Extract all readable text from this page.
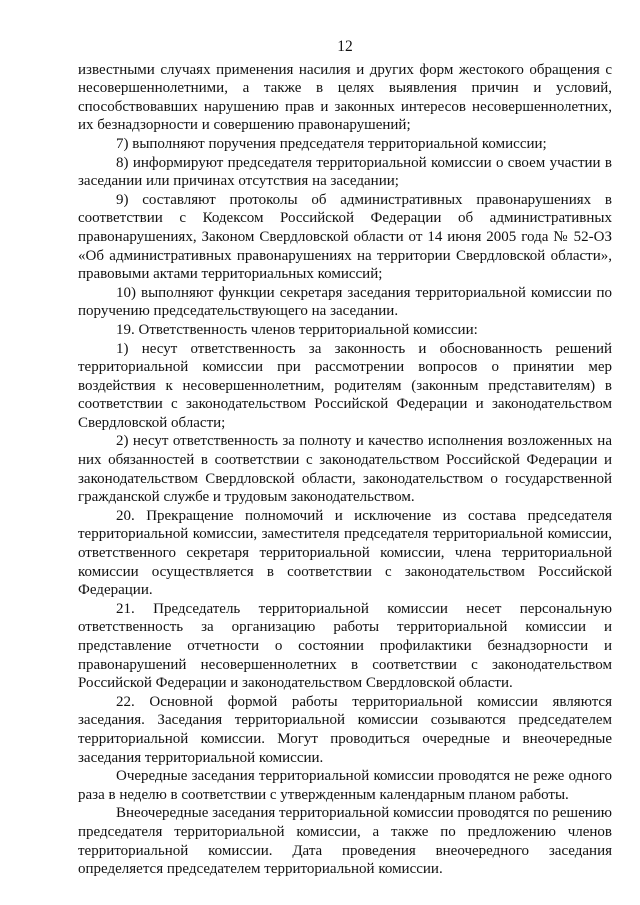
12

известными случаях применения насилия и других форм жестокого обращения с несовершеннолетними, а также в целях выявления причин и условий, способствовавших нарушению прав и законных интересов несовершеннолетних, их безнадзорности и совершению правонарушений;

7) выполняют поручения председателя территориальной комиссии;

8) информируют председателя территориальной комиссии о своем участии в заседании или причинах отсутствия на заседании;

9) составляют протоколы об административных правонарушениях в соответствии с Кодексом Российской Федерации об административных правонарушениях, Законом Свердловской области от 14 июня 2005 года № 52-ОЗ «Об административных правонарушениях на территории Свердловской области», правовыми актами территориальных комиссий;

10) выполняют функции секретаря заседания территориальной комиссии по поручению председательствующего на заседании.

19. Ответственность членов территориальной комиссии:

1) несут ответственность за законность и обоснованность решений территориальной комиссии при рассмотрении вопросов о принятии мер воздействия к несовершеннолетним, родителям (законным представителям) в соответствии с законодательством Российской Федерации и законодательством Свердловской области;

2) несут ответственность за полноту и качество исполнения возложенных на них обязанностей в соответствии с законодательством Российской Федерации и законодательством Свердловской области, законодательством о государственной гражданской службе и трудовым законодательством.

20. Прекращение полномочий и исключение из состава председателя территориальной комиссии, заместителя председателя территориальной комиссии, ответственного секретаря территориальной комиссии, члена территориальной комиссии осуществляется в соответствии с законодательством Российской Федерации.

21. Председатель территориальной комиссии несет персональную ответственность за организацию работы территориальной комиссии и представление отчетности о состоянии профилактики безнадзорности и правонарушений несовершеннолетних в соответствии с законодательством Российской Федерации и законодательством Свердловской области.

22. Основной формой работы территориальной комиссии являются заседания. Заседания территориальной комиссии созываются председателем территориальной комиссии. Могут проводиться очередные и внеочередные заседания территориальной комиссии.

Очередные заседания территориальной комиссии проводятся не реже одного раза в неделю в соответствии с утвержденным календарным планом работы.

Внеочередные заседания территориальной комиссии проводятся по решению председателя территориальной комиссии, а также по предложению членов территориальной комиссии. Дата проведения внеочередного заседания определяется председателем территориальной комиссии.
